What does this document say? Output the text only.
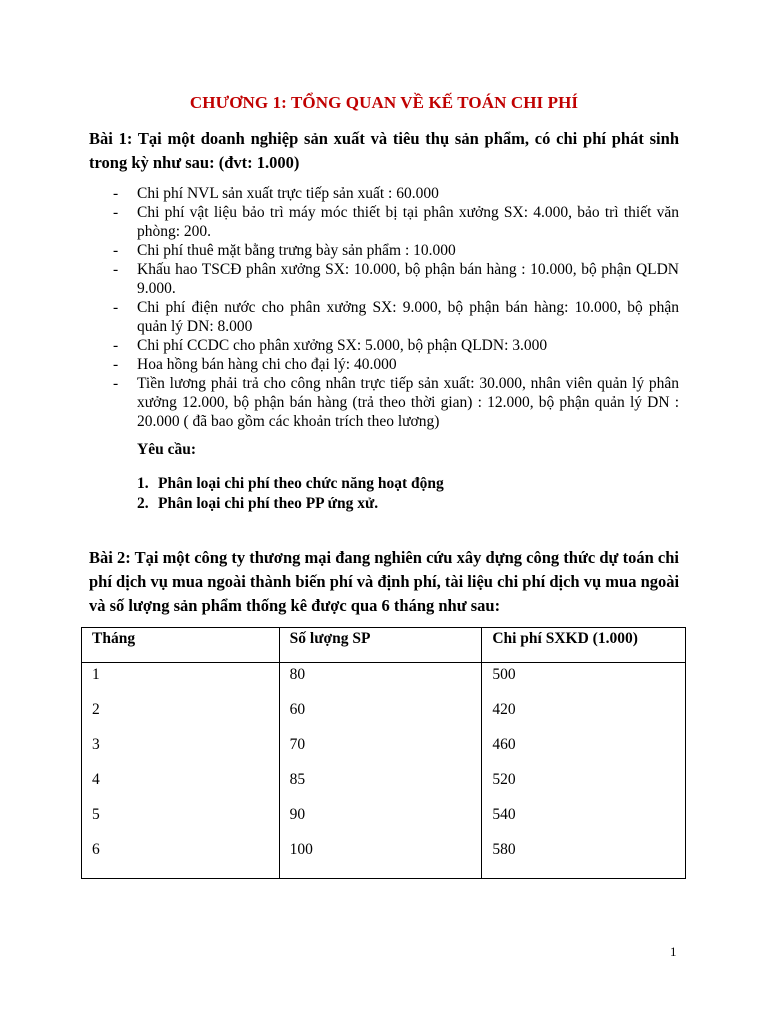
CHƯƠNG 1: TỔNG QUAN VỀ KẾ TOÁN CHI PHÍ
Bài 1: Tại một doanh nghiệp sản xuất và tiêu thụ sản phẩm, có chi phí phát sinh
trong kỳ như sau: (đvt: 1.000)
- Chi phí NVL sản xuất trực tiếp sản xuất : 60.000
- Chi phí vật liệu bảo trì máy móc thiết bị tại phân xưởng SX: 4.000, bảo trì thiết văn phòng: 200.
- Chi phí thuê mặt bằng trưng bày sản phẩm : 10.000
- Khấu hao TSCĐ phân xưởng SX: 10.000, bộ phận bán hàng : 10.000, bộ phận QLDN 9.000.
- Chi phí điện nước cho phân xưởng SX: 9.000, bộ phận bán hàng: 10.000, bộ phận quản lý DN: 8.000
- Chi phí CCDC cho phân xưởng SX: 5.000, bộ phận QLDN: 3.000
- Hoa hồng bán hàng chi cho đại lý: 40.000
- Tiền lương phải trả cho công nhân trực tiếp sản xuất: 30.000, nhân viên quản lý phân xưởng 12.000, bộ phận bán hàng (trả theo thời gian) : 12.000, bộ phận quản lý DN : 20.000 ( đã bao gồm các khoản trích theo lương)
Yêu cầu:
1. Phân loại chi phí theo chức năng hoạt động
2. Phân loại chi phí theo PP ứng xử.
Bài 2: Tại một công ty thương mại đang nghiên cứu xây dựng công thức dự toán chi
phí dịch vụ mua ngoài thành biến phí và định phí, tài liệu chi phí dịch vụ mua ngoài
và số lượng sản phẩm thống kê được qua 6 tháng như sau:
Tháng	Số lượng SP	Chi phí SXKD (1.000)
1	80	500
2	60	420
3	70	460
4	85	520
5	90	540
6	100	580
1
